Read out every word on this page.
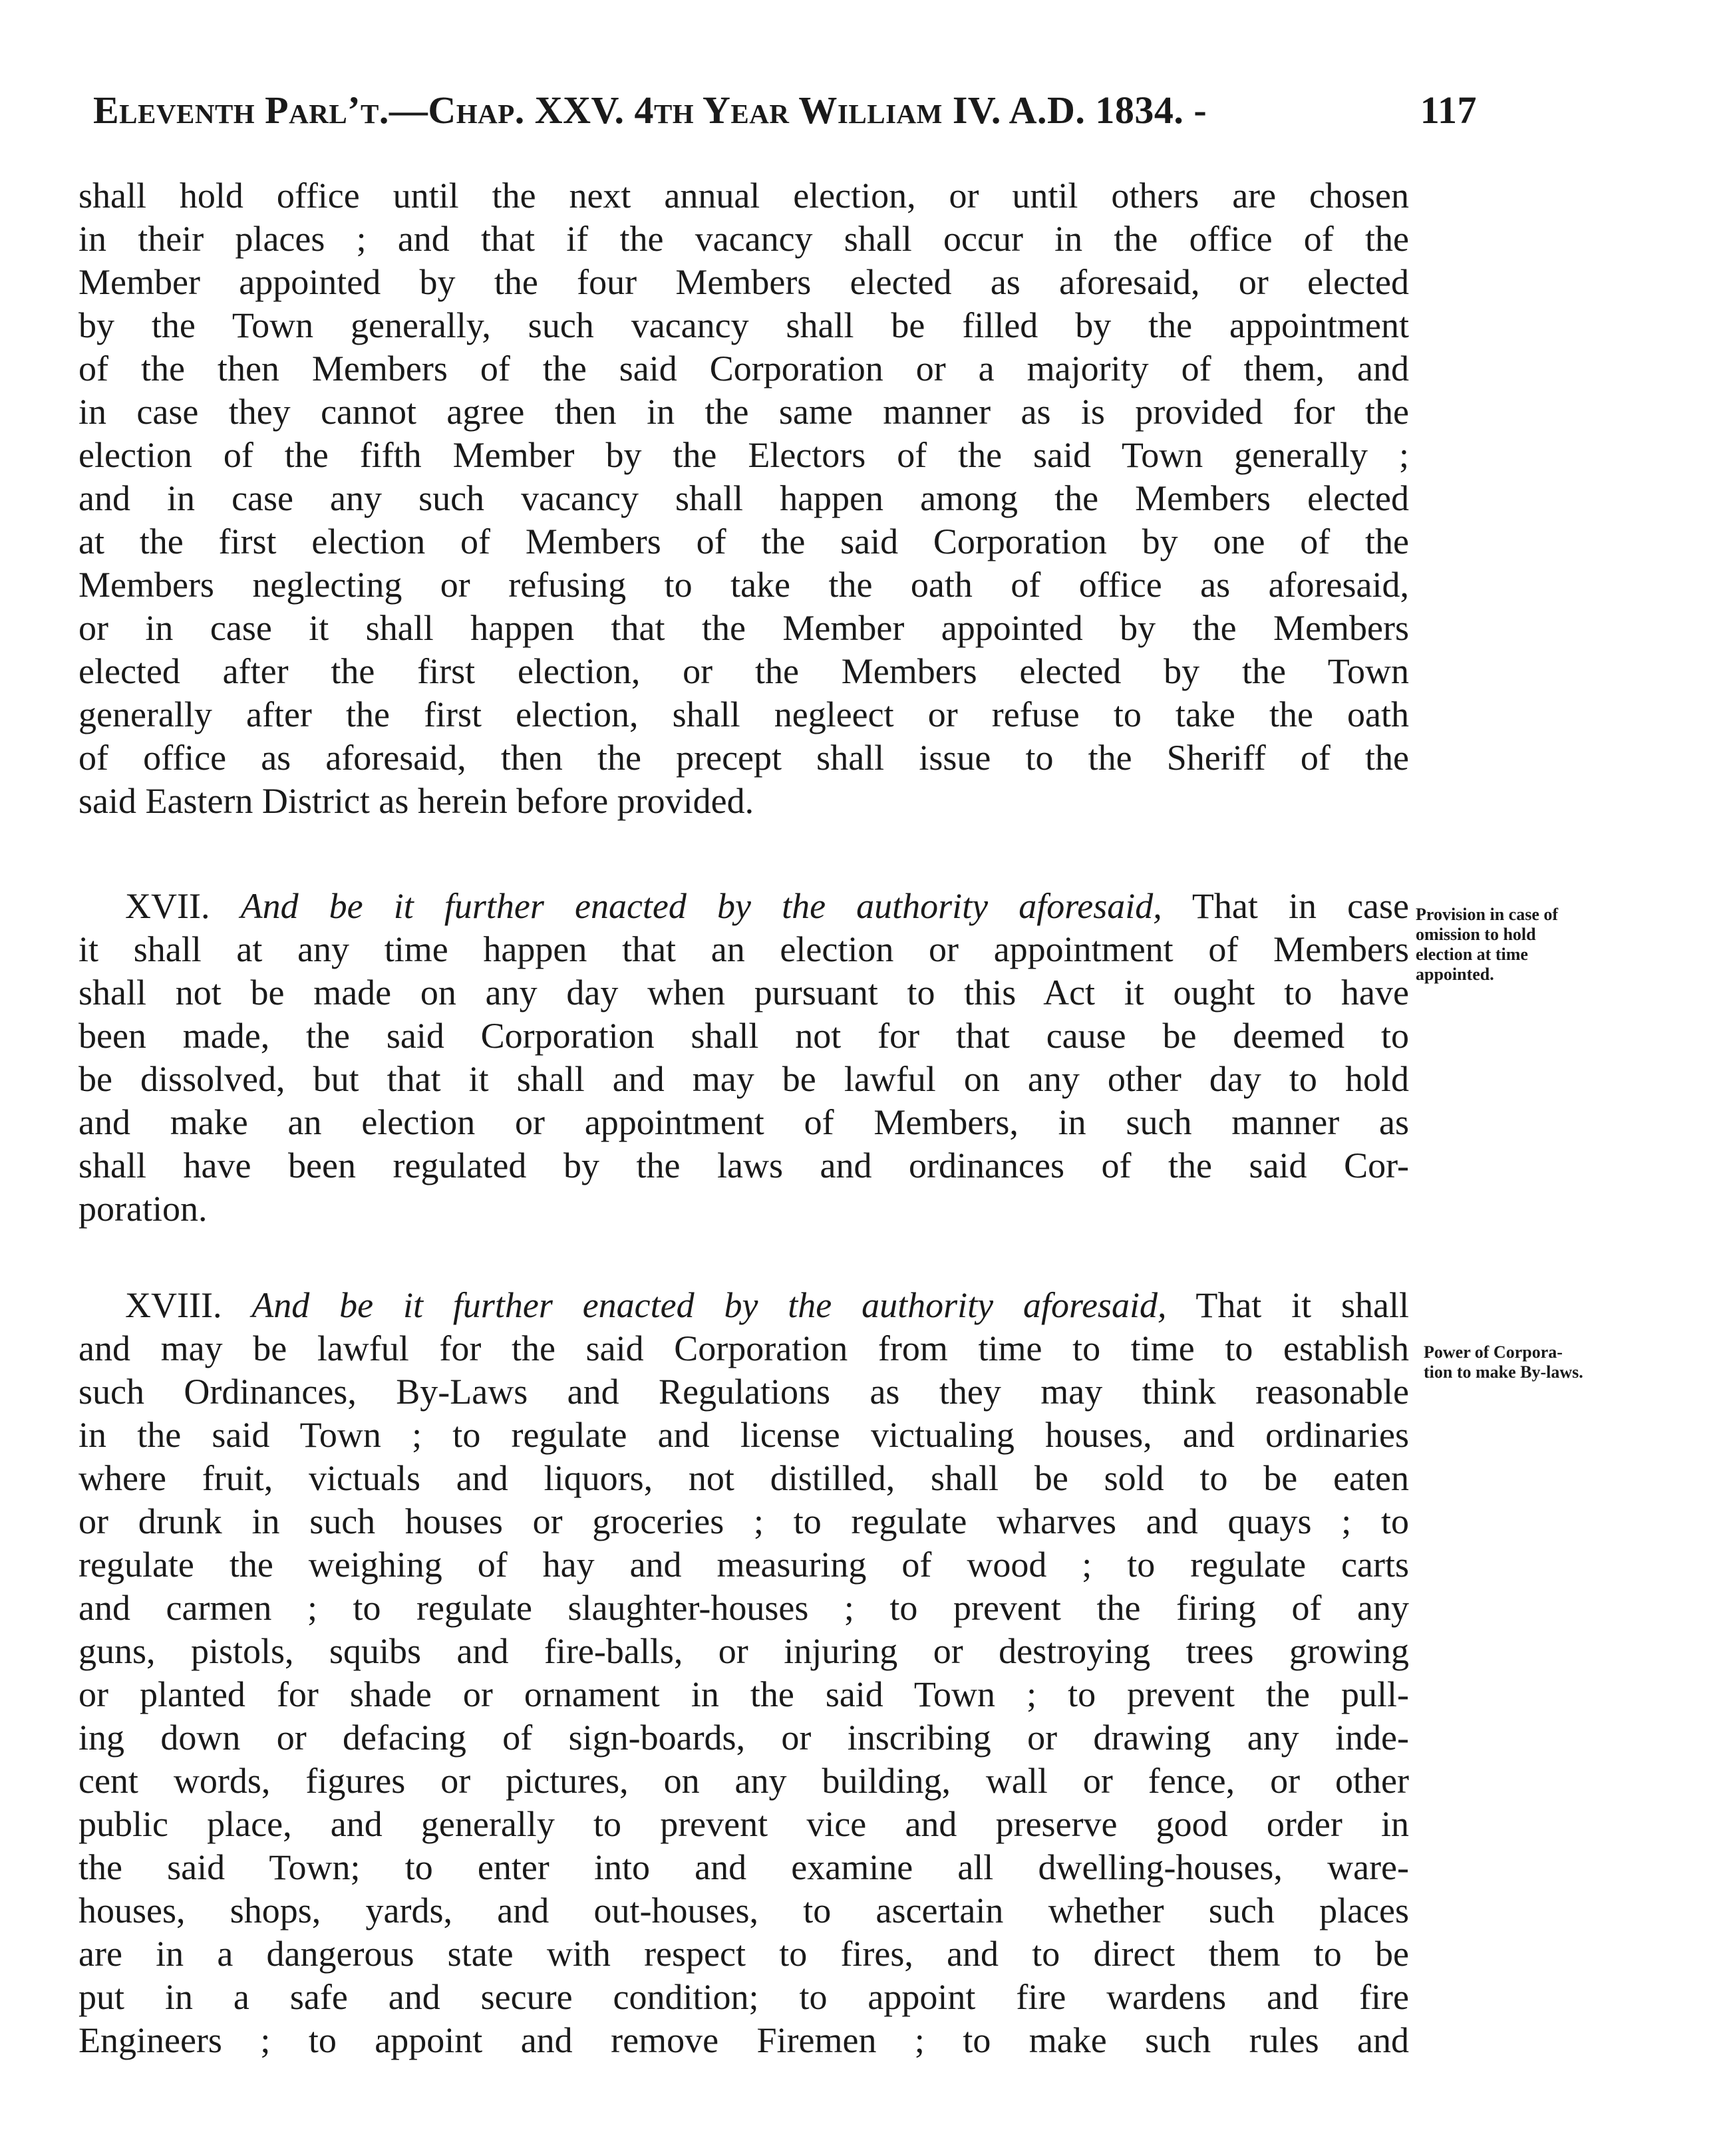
Eleventh Parl’t.—Chap. XXV. 4th Year William IV. A.D. 1834. -	117
shall hold office until the next annual election, or until others are chosen
in their places ; and that if the vacancy shall occur in the office of the
Member appointed by the four Members elected as aforesaid, or elected
by the Town generally, such vacancy shall be filled by the appointment
of the then Members of the said Corporation or a majority of them, and
in case they cannot agree then in the same manner as is provided for the
election of the fifth Member by the Electors of the said Town generally ;
and in case any such vacancy shall happen among the Members elected
at the first election of Members of the said Corporation by one of the
Members neglecting or refusing to take the oath of office as aforesaid,
or in case it shall happen that the Member appointed by the Members
elected after the first election, or the Members elected by the Town
generally after the first election, shall negleect or refuse to take the oath
of office as aforesaid, then the precept shall issue to the Sheriff of the
said Eastern District as herein before provided.
XVII. And be it further enacted by the authority aforesaid, That in case
it shall at any time happen that an election or appointment of Members
shall not be made on any day when pursuant to this Act it ought to have
been made, the said Corporation shall not for that cause be deemed to
be dissolved, but that it shall and may be lawful on any other day to hold
and make an election or appointment of Members, in such manner as
shall have been regulated by the laws and ordinances of the said Cor-
poration.
Provision in case of
omission to hold
election at time
appointed.
XVIII. And be it further enacted by the authority aforesaid, That it shall
and may be lawful for the said Corporation from time to time to establish
such Ordinances, By-Laws and Regulations as they may think reasonable
in the said Town ; to regulate and license victualing houses, and ordinaries
where fruit, victuals and liquors, not distilled, shall be sold to be eaten
or drunk in such houses or groceries ; to regulate wharves and quays ; to
regulate the weighing of hay and measuring of wood ; to regulate carts
and carmen ; to regulate slaughter-houses ; to prevent the firing of any
guns, pistols, squibs and fire-balls, or injuring or destroying trees growing
or planted for shade or ornament in the said Town ; to prevent the pull-
ing down or defacing of sign-boards, or inscribing or drawing any inde-
cent words, figures or pictures, on any building, wall or fence, or other
public place, and generally to prevent vice and preserve good order in
the said Town; to enter into and examine all dwelling-houses, ware-
houses, shops, yards, and out-houses, to ascertain whether such places
are in a dangerous state with respect to fires, and to direct them to be
put in a safe and secure condition; to appoint fire wardens and fire
Engineers ; to appoint and remove Firemen ; to make such rules and
Power of Corpora-
tion to make By-laws.
